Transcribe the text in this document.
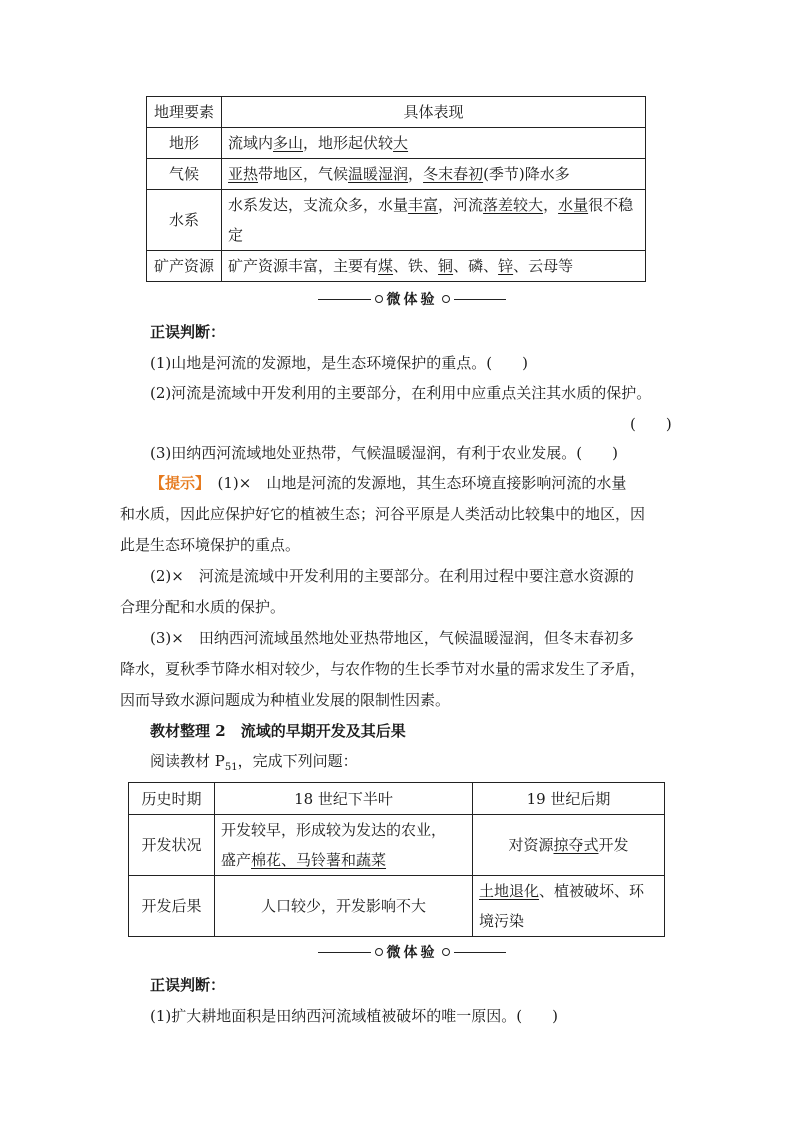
地理要素	具体表现
地形	流域内多山，地形起伏较大
气候	亚热带地区，气候温暖湿润，冬末春初(季节)降水多
水系	水系发达，支流众多，水量丰富，河流落差较大，水量很不稳定
矿产资源	矿产资源丰富，主要有煤、铁、铜、磷、锌、云母等
微体验
正误判断：
(1)山地是河流的发源地，是生态环境保护的重点。(　　)
(2)河流是流域中开发利用的主要部分，在利用中应重点关注其水质的保护。
(　　)
(3)田纳西河流域地处亚热带，气候温暖湿润，有利于农业发展。(　　)
【提示】　(1)×　山地是河流的发源地，其生态环境直接影响河流的水量
和水质，因此应保护好它的植被生态；河谷平原是人类活动比较集中的地区，因
此是生态环境保护的重点。
(2)×　河流是流域中开发利用的主要部分。在利用过程中要注意水资源的
合理分配和水质的保护。
(3)×　田纳西河流域虽然地处亚热带地区，气候温暖湿润，但冬末春初多
降水，夏秋季节降水相对较少，与农作物的生长季节对水量的需求发生了矛盾，
因而导致水源问题成为种植业发展的限制性因素。
教材整理 2　 流域的早期开发及其后果
阅读教材 $P_{51}$，完成下列问题：
历史时期	18 世纪下半叶	19 世纪后期
开发状况	开发较早，形成较为发达的农业，
盛产棉花、马铃薯和蔬菜	对资源掠夺式开发
开发后果	人口较少，开发影响不大	土地退化、植被破坏、环境污染
微体验
正误判断：
(1)扩大耕地面积是田纳西河流域植被破坏的唯一原因。(　　)
